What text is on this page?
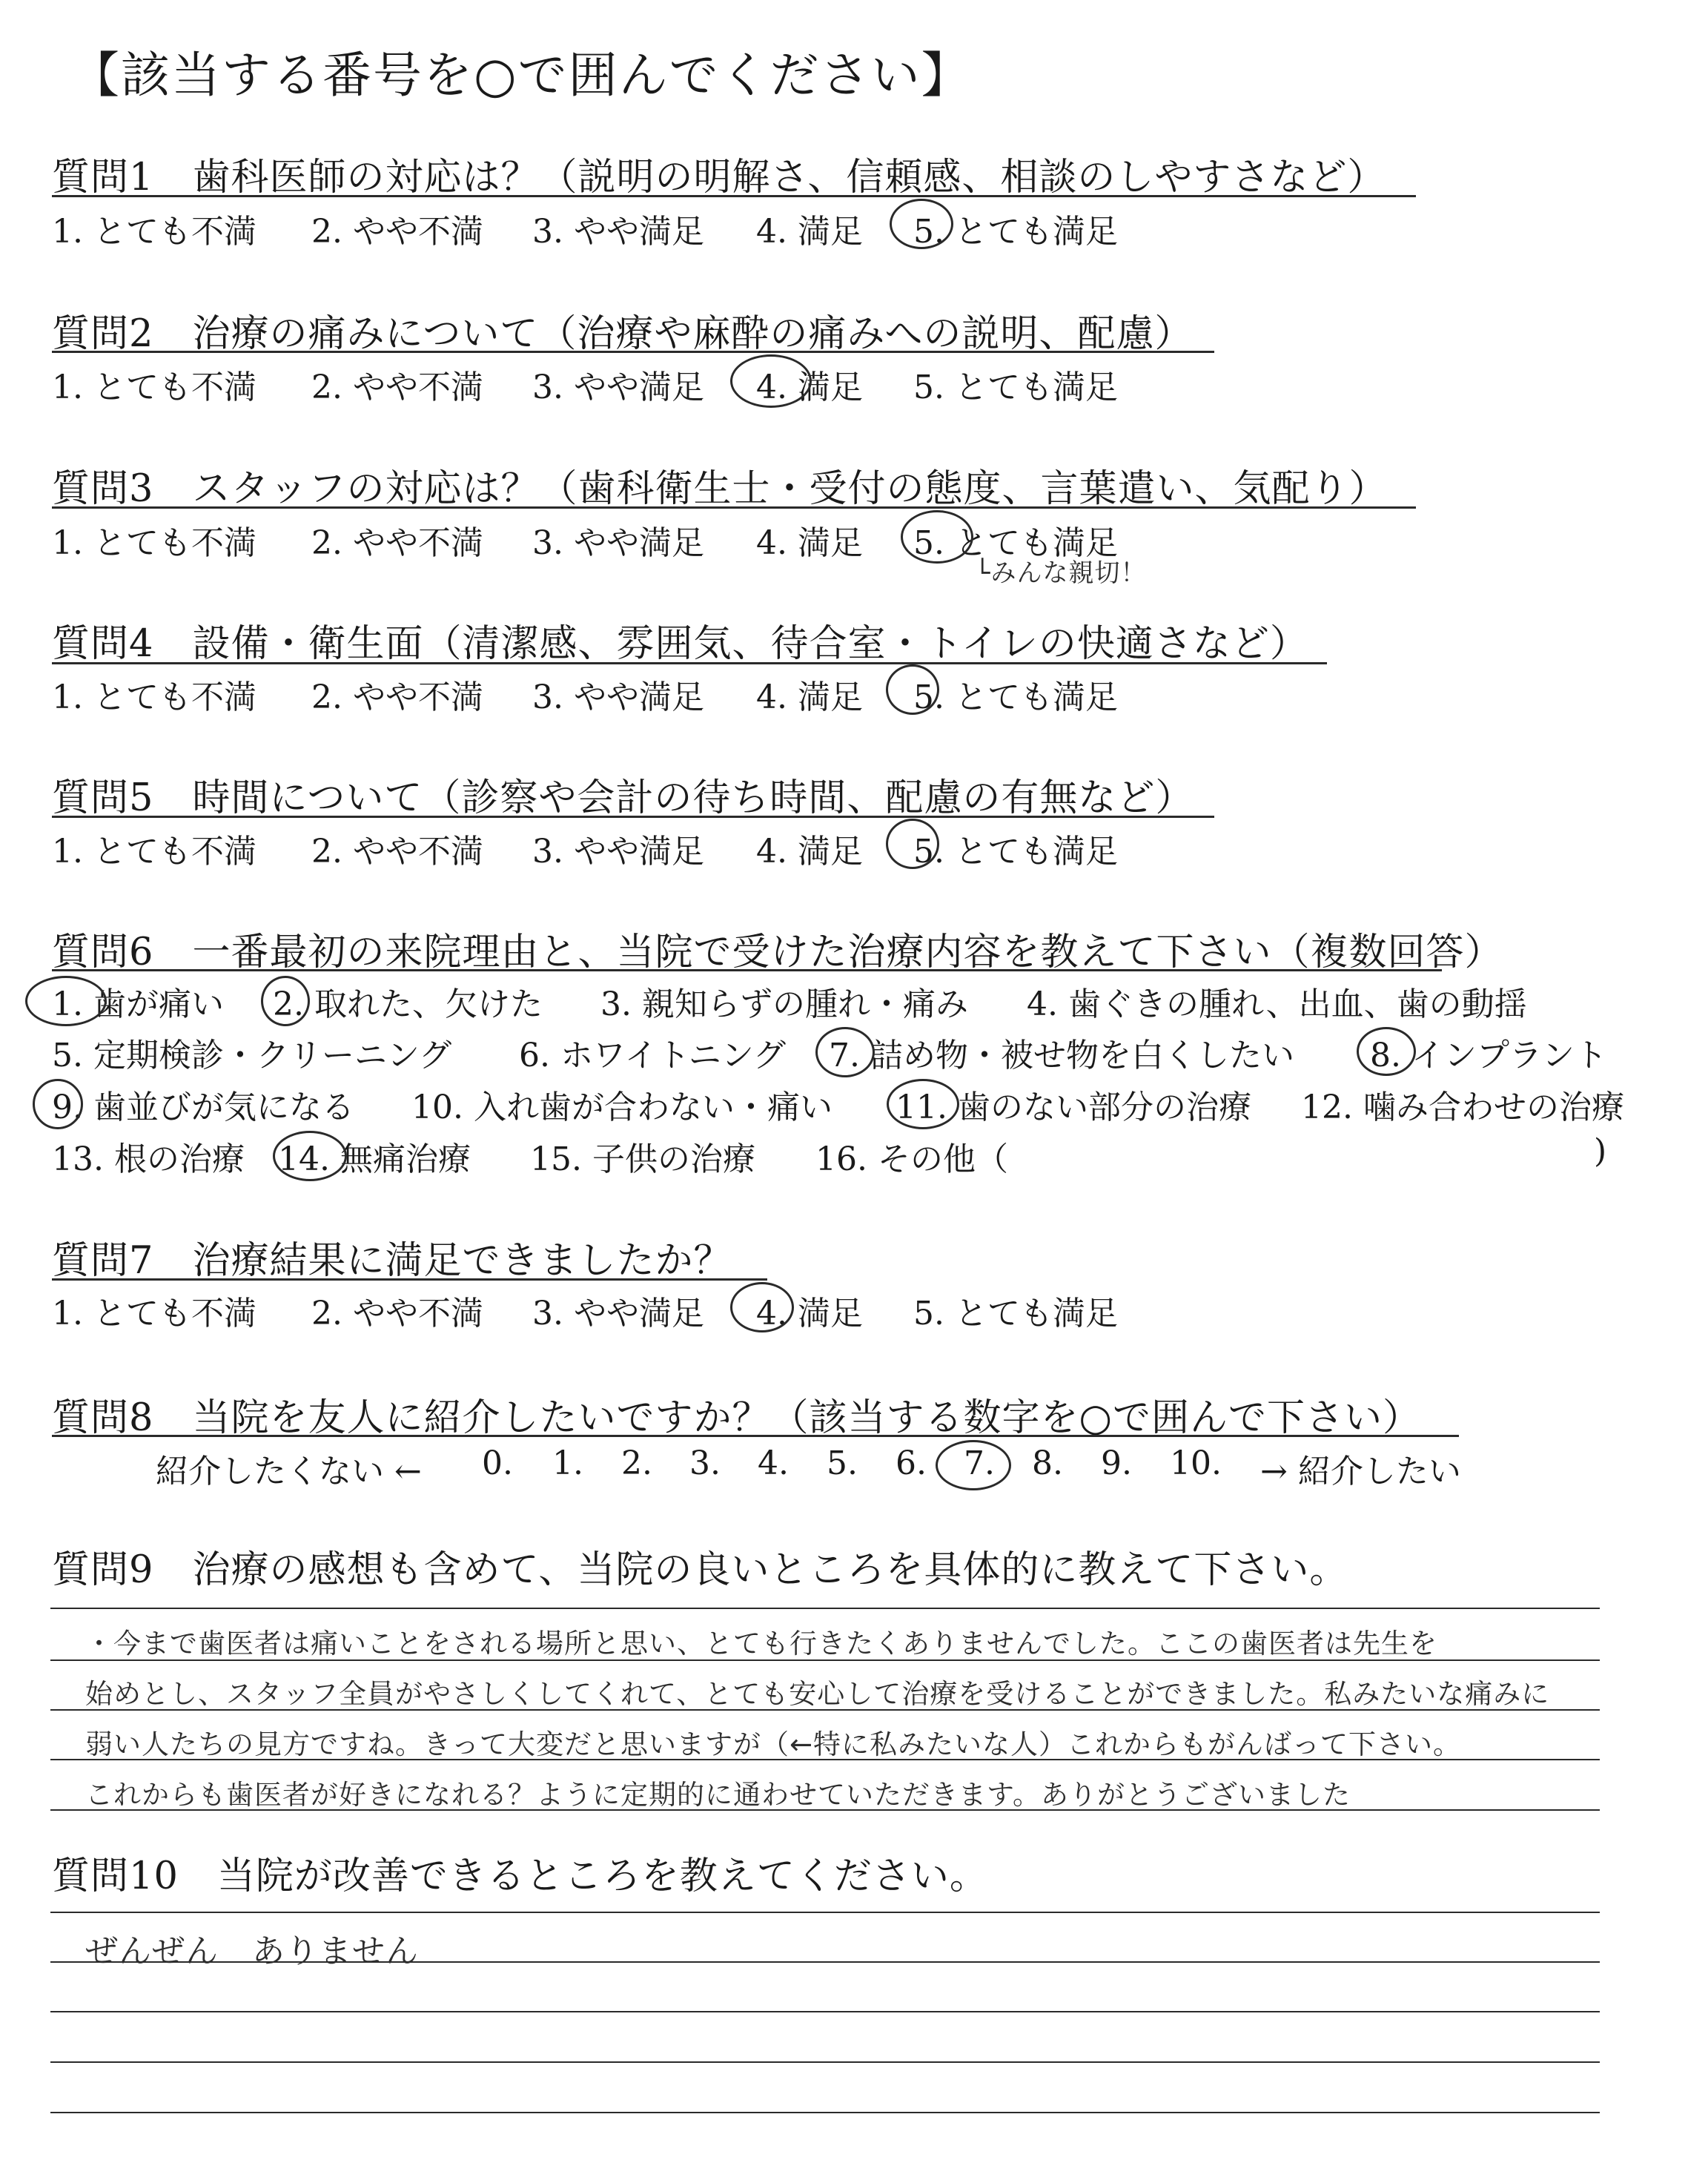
【該当する番号を○で囲んでください】
質問1　歯科医師の対応は？（説明の明解さ、信頼感、相談のしやすさなど）
1. とても不満 2. やや不満 3. やや満足 4. 満足 5. とても満足
質問2　治療の痛みについて（治療や麻酔の痛みへの説明、配慮）
1. とても不満 2. やや不満 3. やや満足 4. 満足 5. とても満足
質問3　スタッフの対応は？（歯科衛生士・受付の態度、言葉遣い、気配り）
1. とても不満 2. やや不満 3. やや満足 4. 満足 5. とても満足
└みんな親切！
質問4　設備・衛生面（清潔感、雰囲気、待合室・トイレの快適さなど）
1. とても不満 2. やや不満 3. やや満足 4. 満足 5. とても満足
質問5　時間について（診察や会計の待ち時間、配慮の有無など）
1. とても不満 2. やや不満 3. やや満足 4. 満足 5. とても満足
質問6　一番最初の来院理由と、当院で受けた治療内容を教えて下さい（複数回答）
1. 歯が痛い 2. 取れた、欠けた 3. 親知らずの腫れ・痛み 4. 歯ぐきの腫れ、出血、歯の動揺
5. 定期検診・クリーニング 6. ホワイトニング 7. 詰め物・被せ物を白くしたい 8. インプラント
9. 歯並びが気になる 10. 入れ歯が合わない・痛い 11. 歯のない部分の治療 12. 噛み合わせの治療
13. 根の治療 14. 無痛治療 15. 子供の治療 16. その他（	)
質問7　治療結果に満足できましたか？
1. とても不満 2. やや不満 3. やや満足 4. 満足 5. とても満足
質問8　当院を友人に紹介したいですか？（該当する数字を○で囲んで下さい）
紹介したくない ← 0. 1. 2. 3. 4. 5. 6. 7. 8. 9. 10. → 紹介したい
質問9　治療の感想も含めて、当院の良いところを具体的に教えて下さい。
・今まで歯医者は痛いことをされる場所と思い、とても行きたくありませんでした。ここの歯医者は先生を
始めとし、スタッフ全員がやさしくしてくれて、とても安心して治療を受けることができました。私みたいな痛みに
弱い人たちの見方ですね。きって大変だと思いますが（←特に私みたいな人）これからもがんばって下さい。
これからも歯医者が好きになれる？ように定期的に通わせていただきます。ありがとうございました
質問10　当院が改善できるところを教えてください。
ぜんぜん　ありません
